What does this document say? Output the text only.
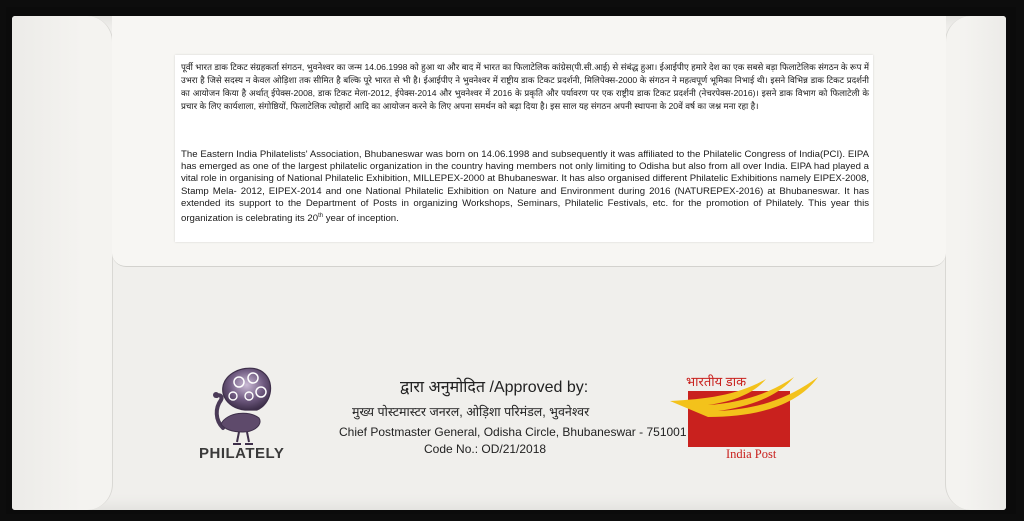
पूर्वी भारत डाक टिकट संग्रहकर्ता संगठन, भुवनेश्वर का जन्म 14.06.1998 को हुआ था और बाद में भारत का फिलाटेलिक कांग्रेस(पी.सी.आई) से संबंद्ध हुआ। ईआईपीए हमारे देश का एक सबसे बड़ा फिलाटेलिक संगठन के रूप में उभरा है जिसे सदस्य न केवल ओड़िशा तक सीमित है बल्कि पूरे भारत से भी है। ईआईपीए ने भुवनेश्वर में राष्ट्रीय डाक टिकट प्रदर्शनी, मिलिपेक्स-2000 के संगठन ने महत्वपूर्ण भूमिका निभाई थी। इसने विभिन्न डाक टिकट प्रदर्शनी का आयोजन किया है अर्थात् ईपेक्स-2008, डाक टिकट मेला-2012, ईपेक्स-2014 और भुवनेश्वर में 2016 के प्रकृति और पर्यावरण पर एक राष्ट्रीय डाक टिकट प्रदर्शनी (नेचरपेक्स-2016)। इसने डाक विभाग को फिलाटेली के प्रचार के लिए कार्यशाला, संगोष्ठियों, फिलाटेलिक त्योहारों आदि का आयोजन करने के लिए अपना समर्थन को बढ़ा दिया है। इस साल यह संगठन अपनी स्थापना के 20वें वर्ष का जश्न मना रहा है।
The Eastern India Philatelists' Association, Bhubaneswar was born on 14.06.1998 and subsequently it was affiliated to the Philatelic Congress of India(PCI). EIPA has emerged as one of the largest philatelic organization in the country having members not only limiting to Odisha but also from all over India. EIPA had played a vital role in organising of National Philatelic Exhibition, MILLEPEX-2000 at Bhubaneswar. It has also organised different Philatelic Exhibitions namely EIPEX-2008, Stamp Mela- 2012, EIPEX-2014 and one National Philatelic Exhibition on Nature and Environment during 2016 (NATUREPEX-2016) at Bhubaneswar. It has extended its support to the Department of Posts in organizing Workshops, Seminars, Philatelic Festivals, etc. for the promotion of Philately. This year this organization is celebrating its 20th year of inception.
PHILATELY
द्वारा अनुमोदित /Approved by:
मुख्य पोस्टमास्टर जनरल, ओड़िशा परिमंडल, भुवनेश्वर
Chief Postmaster General, Odisha Circle, Bhubaneswar - 751001
Code No.: OD/21/2018
भारतीय डाक
India Post
